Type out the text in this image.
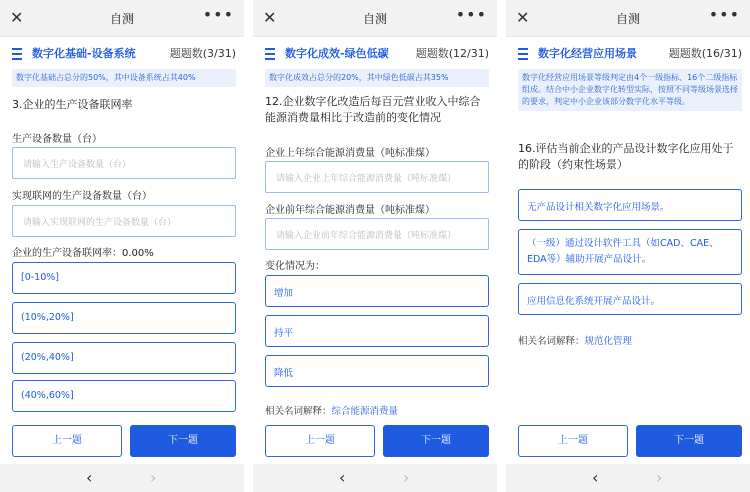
✕	自测	•••
数字化基础-设备系统	题题数(3/31)
数字化基础占总分的50%，其中设备系统占其40%
3.企业的生产设备联网率
生产设备数量（台）
请输入生产设备数量（台）
实现联网的生产设备数量（台）
请输入实现联网的生产设备数量（台）
企业的生产设备联网率：0.00%
[0-10%]
(10%,20%]
(20%,40%]
(40%,60%]
上一题	下一题
‹	›
✕	自测	•••
数字化成效-绿色低碳 题题数(12/31)
数字化成效占总分的20%，其中绿色低碳占其35%
12.企业数字化改造后每百元营业收入中综合能源消费量相比于改造前的变化情况
企业上年综合能源消费量（吨标准煤）
请输入企业上年综合能源消费量（吨标准煤）
企业前年综合能源消费量（吨标准煤）
请输入企业前年综合能源消费量（吨标准煤）
变化情况为：
增加
持平
降低
相关名词解释：综合能源消费量
上一题	下一题
‹	›
✕	自测	•••
数字化经营应用场景	题题数(16/31)
数字化经营应用场景等级判定由4个一级指标、16个二级指标组成。结合中小企业数字化转型实际，按照不同等级场景选择的要求，判定中小企业该部分数字化水平等级。
16.评估当前企业的产品设计数字化应用处于的阶段（约束性场景）
无产品设计相关数字化应用场景。
（一级）通过设计软件工具（如CAD、CAE、EDA等）辅助开展产品设计。
应用信息化系统开展产品设计。
相关名词解释：规范化管理
上一题	下一题
‹	›
